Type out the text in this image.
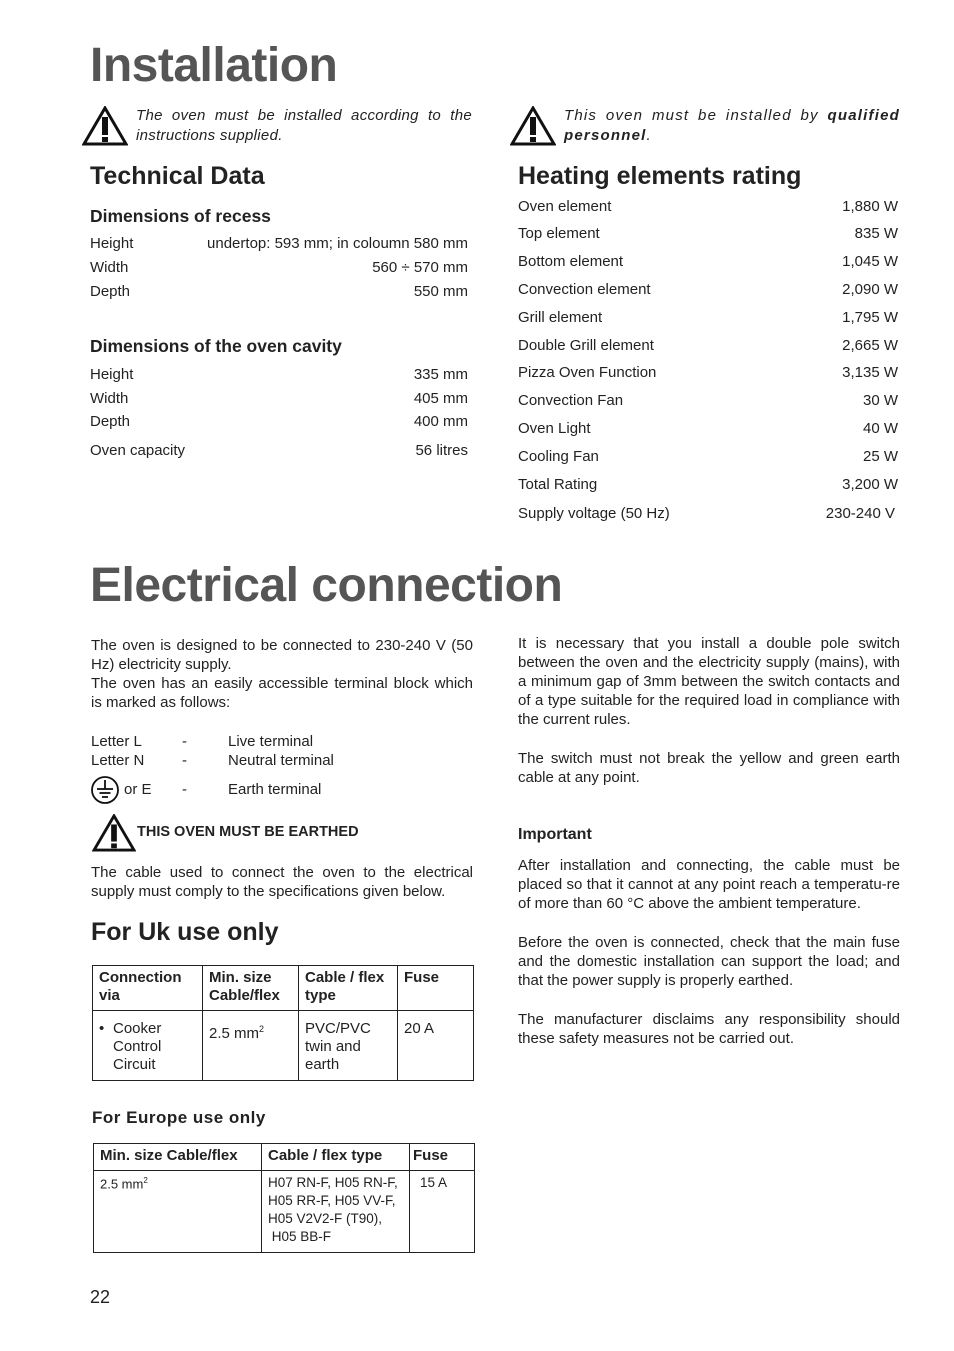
Installation
The oven must be installed according to the instructions supplied.
This oven must be installed by qualified personnel.
Technical Data
Dimensions of recess
Height	undertop: 593 mm; in coloumn 580 mm
Width	560 ÷ 570 mm
Depth	550 mm
Dimensions of the oven cavity
Height	335 mm
Width	405 mm
Depth	400 mm
Oven capacity	56 litres
Heating elements rating
Oven element	1,880 W
Top element	835 W
Bottom element	1,045 W
Convection element	2,090 W
Grill element	1,795 W
Double Grill element	2,665 W
Pizza Oven Function	3,135 W
Convection Fan	30 W
Oven Light	40 W
Cooling Fan	25 W
Total Rating	3,200 W
Supply voltage (50 Hz)	230-240 V
Electrical connection
The oven is designed to be connected to 230-240 V (50 Hz) electricity supply.
The oven has an easily accessible terminal block which is marked as follows:
Letter L	-	Live terminal
Letter N	-	Neutral terminal
or E -	Earth terminal
THIS OVEN MUST BE EARTHED
The cable used to connect the oven to the electrical supply must comply to the specifications given below.
It is necessary that you install a double pole switch between the oven and the electricity supply (mains), with a minimum gap of 3mm between the switch contacts and of a type suitable for the required load in compliance with the current rules.
The switch must not break the yellow and green earth cable at any point.
Important
After installation and connecting, the cable must be placed so that it cannot at any point reach a temperatu-re of more than 60 °C above the ambient temperature.
Before the oven is connected, check that the main fuse and the domestic installation can support the load; and that the power supply is properly earthed.
The manufacturer disclaims any responsibility should these safety measures not be carried out.
For Uk use only
Connection via	Min. size Cable/flex	Cable / flex type	Fuse

• Cooker Control Circuit	2.5 $mm^2$	PVC/PVC twin and earth	20 A
For Europe use only
Min. size Cable/flex	Cable / flex type	Fuse
2.5 $mm^2$	H07 RN-F, H05 RN-F,
H05 RR-F, H05 VV-F,
H05 V2V2-F (T90),
H05 BB-F	15 A
22
